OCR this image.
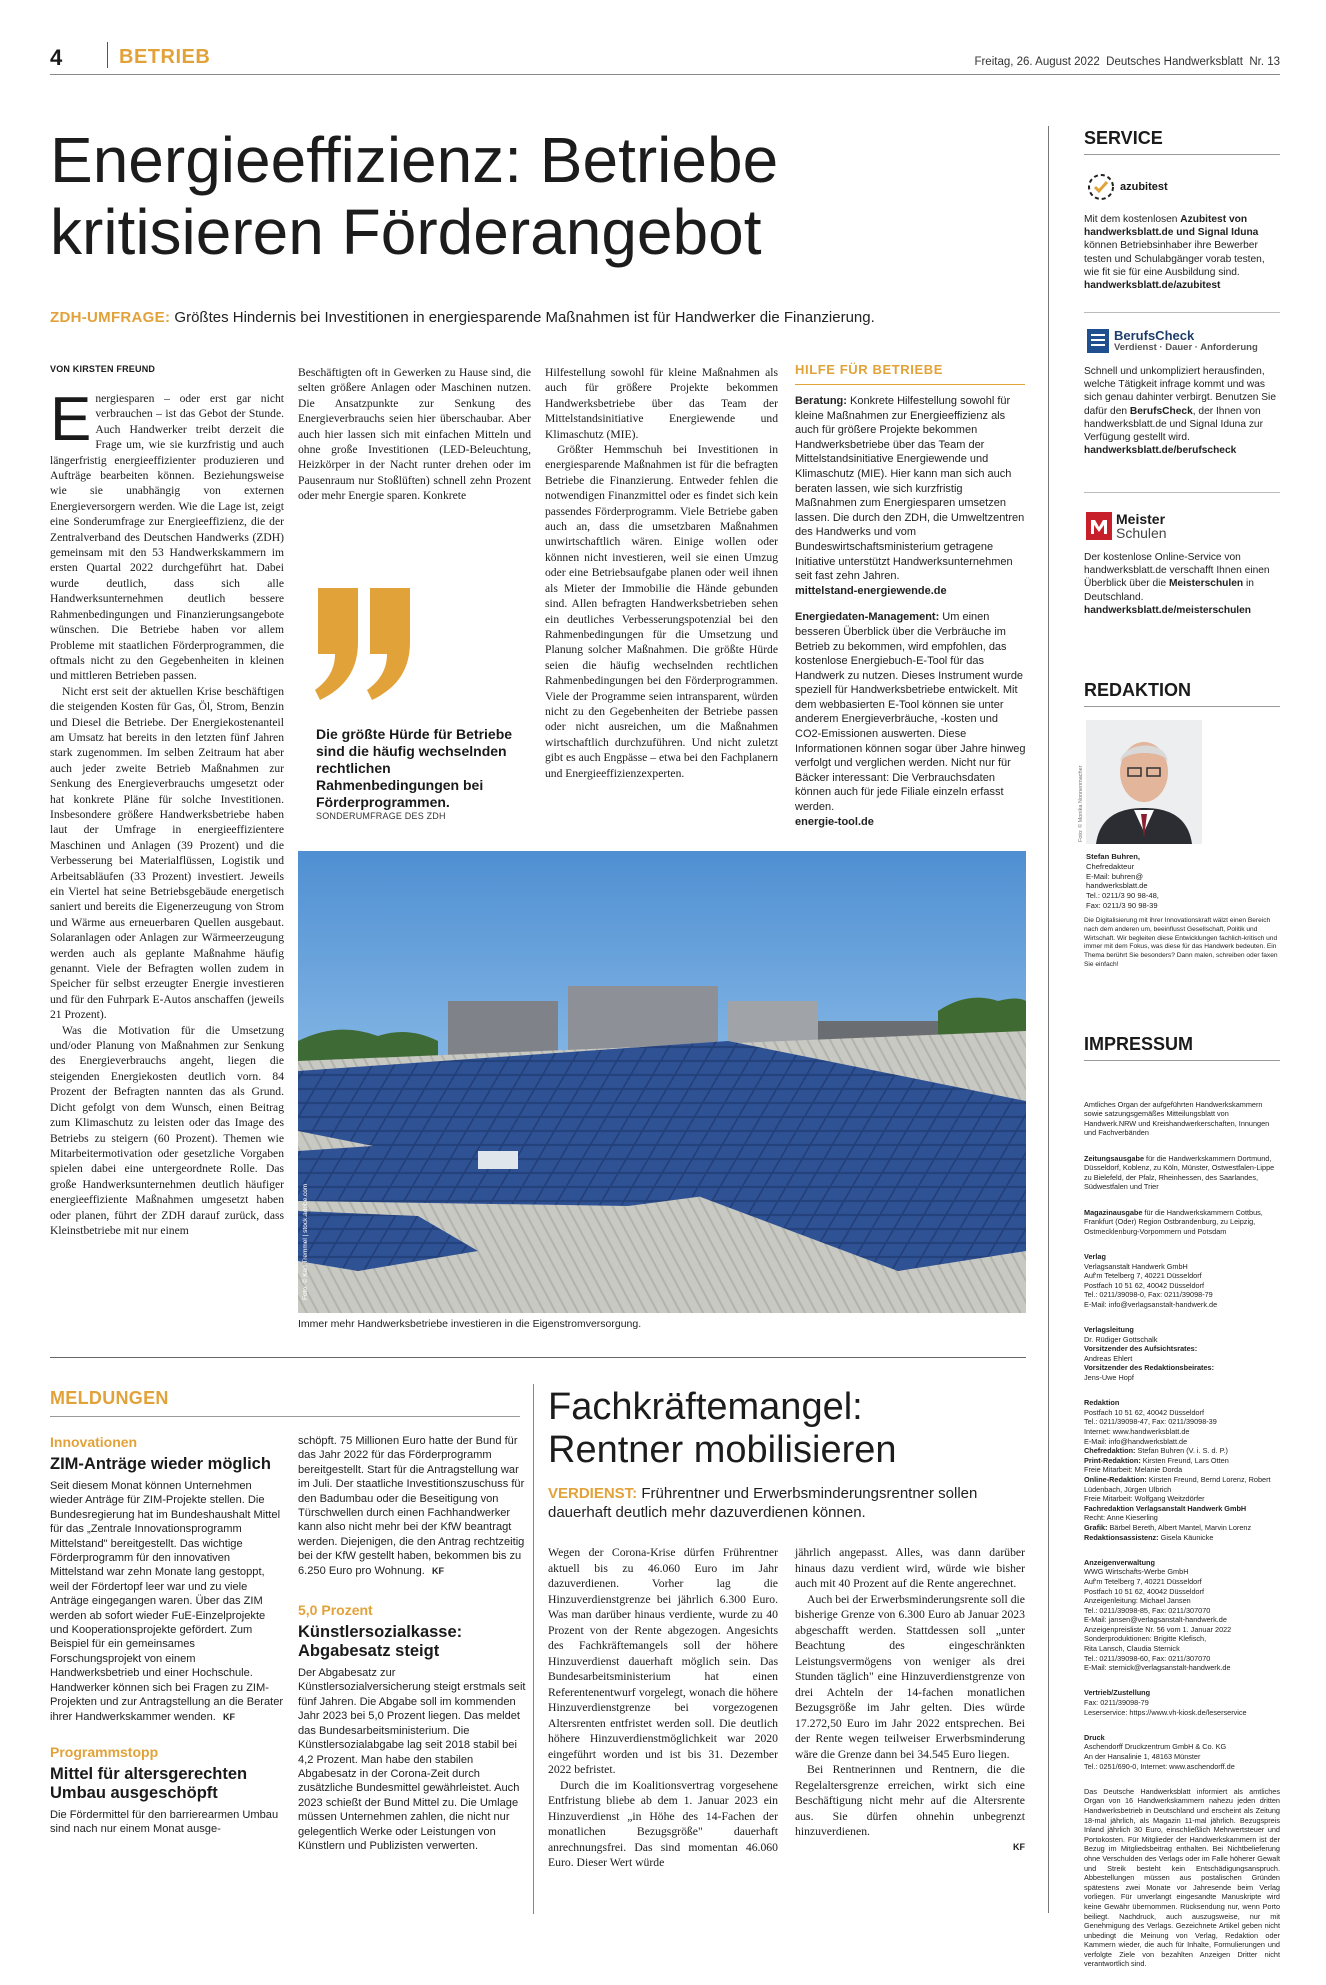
4	BETRIEB	Freitag, 26. August 2022  Deutsches Handwerksblatt  Nr. 13
Energieeffizienz: Betriebe
kritisieren Förderangebot
ZDH-UMFRAGE: Größtes Hindernis bei Investitionen in energiesparende Maßnahmen ist für Handwerker die Finanzierung.
VON KIRSTEN FREUND

Energiesparen – oder erst gar nicht verbrauchen – ist das Gebot der Stunde. Auch Handwerker treibt derzeit die Frage um, wie sie kurzfristig und auch längerfristig energieeffizienter produzieren und Aufträge bearbeiten können. Beziehungsweise wie sie unabhängig von externen Energieversorgern werden. Wie die Lage ist, zeigt eine Sonderumfrage zur Energieeffizienz, die der Zentralverband des Deutschen Handwerks (ZDH) gemeinsam mit den 53 Handwerkskammern im ersten Quartal 2022 durchgeführt hat. Dabei wurde deutlich, dass sich alle Handwerksunternehmen deutlich bessere Rahmenbedingungen und Finanzierungsangebote wünschen. Die Betriebe haben vor allem Probleme mit staatlichen Förderprogrammen, die oftmals nicht zu den Gegebenheiten in kleinen und mittleren Betrieben passen.

Nicht erst seit der aktuellen Krise beschäftigen die steigenden Kosten für Gas, Öl, Strom, Benzin und Diesel die Betriebe. Der Energiekostenanteil am Umsatz hat bereits in den letzten fünf Jahren stark zugenommen. Im selben Zeitraum hat aber auch jeder zweite Betrieb Maßnahmen zur Senkung des Energieverbrauchs umgesetzt oder hat konkrete Pläne für solche Investitionen. Insbesondere größere Handwerksbetriebe haben laut der Umfrage in energieeffizientere Maschinen und Anlagen (39 Prozent) und die Verbesserung bei Materialflüssen, Logistik und Arbeitsabläufen (33 Prozent) investiert. Jeweils ein Viertel hat seine Betriebsgebäude energetisch saniert und bereits die Eigenerzeugung von Strom und Wärme aus erneuerbaren Quellen ausgebaut. Solaranlagen oder Anlagen zur Wärmeerzeugung werden auch als geplante Maßnahme häufig genannt. Viele der Befragten wollen zudem in Speicher für selbst erzeugter Energie investieren und für den Fuhrpark E-Autos anschaffen (jeweils 21 Prozent).

Was die Motivation für die Umsetzung und/oder Planung von Maßnahmen zur Senkung des Energieverbrauchs angeht, liegen die steigenden Energiekosten deutlich vorn. 84 Prozent der Befragten nannten das als Grund. Dicht gefolgt von dem Wunsch, einen Beitrag zum Klimaschutz zu leisten oder das Image des Betriebs zu steigern (60 Prozent). Themen wie Mitarbeitermotivation oder gesetzliche Vorgaben spielen dabei eine untergeordnete Rolle. Das große Handwerksunternehmen deutlich häufiger energieeffiziente Maßnahmen umgesetzt haben oder planen, führt der ZDH darauf zurück, dass Kleinstbetriebe mit nur einem

Beschäftigten oft in Gewerken zu Hause sind, die selten größere Anlagen oder Maschinen nutzen. Die Ansatzpunkte zur Senkung des Energieverbrauchs seien hier überschaubar. Aber auch hier lassen sich mit einfachen Mitteln und ohne große Investitionen (LED-Beleuchtung, Heizkörper in der Nacht runter drehen oder im Pausenraum nur Stoßlüften) schnell zehn Prozent oder mehr Energie sparen. Konkrete

Die größte Hürde für Betriebe sind die häufig wechselnden rechtlichen Rahmenbedingungen bei Förderprogrammen.
SONDERUMFRAGE DES ZDH

Hilfestellung sowohl für kleine Maßnahmen als auch für größere Projekte bekommen Handwerksbetriebe über das Team der Mittelstandsinitiative Energiewende und Klimaschutz (MIE).

Größter Hemmschuh bei Investitionen in energiesparende Maßnahmen ist für die befragten Betriebe die Finanzierung. Entweder fehlen die notwendigen Finanzmittel oder es findet sich kein passendes Förderprogramm. Viele Betriebe gaben auch an, dass die umsetzbaren Maßnahmen unwirtschaftlich wären. Einige wollen oder können nicht investieren, weil sie einen Umzug oder eine Betriebsaufgabe planen oder weil ihnen als Mieter der Immobilie die Hände gebunden sind. Allen befragten Handwerksbetrieben sehen ein deutliches Verbesserungspotenzial bei den Rahmenbedingungen für die Umsetzung und Planung solcher Maßnahmen. Die größte Hürde seien die häufig wechselnden rechtlichen Rahmenbedingungen bei den Förderprogrammen. Viele der Programme seien intransparent, würden nicht zu den Gegebenheiten der Betriebe passen oder nicht ausreichen, um die Maßnahmen wirtschaftlich durchzuführen. Und nicht zuletzt gibt es auch Engpässe – etwa bei den Fachplanern und Energieeffizienzexperten.

HILFE FÜR BETRIEBE

Beratung: Konkrete Hilfestellung sowohl für kleine Maßnahmen zur Energieeffizienz als auch für größere Projekte bekommen Handwerksbetriebe über das Team der Mittelstandsinitiative Energiewende und Klimaschutz (MIE). Hier kann man sich auch beraten lassen, wie sich kurzfristig Maßnahmen zum Energiesparen umsetzen lassen. Die durch den ZDH, die Umweltzentren des Handwerks und vom Bundeswirtschaftsministerium getragene Initiative unterstützt Handwerksunternehmen seit fast zehn Jahren.

mittelstand-energiewende.de

Energiedaten-Management: Um einen besseren Überblick über die Verbräuche im Betrieb zu bekommen, wird empfohlen, das kostenlose Energiebuch-E-Tool für das Handwerk zu nutzen. Dieses Instrument wurde speziell für Handwerksbetriebe entwickelt. Mit dem webbasierten E-Tool können sie unter anderem Energieverbräuche, -kosten und CO2-Emissionen auswerten. Diese Informationen können sogar über Jahre hinweg verfolgt und verglichen werden. Nicht nur für Bäcker interessant: Die Verbrauchsdaten können auch für jede Filiale einzeln erfasst werden.

energie-tool.de

Foto: © Karl Tremmel | stock.adobe.com
Immer mehr Handwerksbetriebe investieren in die Eigenstromversorgung.
SERVICE
azubitest
Mit dem kostenlosen Azubitest von handwerksblatt.de und Signal Iduna können Betriebsinhaber ihre Bewerber testen und Schulabgänger vorab testen, wie fit sie für eine Ausbildung sind.
handwerksblatt.de/azubitest
BerufsCheck
Verdienst · Dauer · Anforderung
Schnell und unkompliziert herausfinden, welche Tätigkeit infrage kommt und was sich genau dahinter verbirgt. Benutzen Sie dafür den BerufsCheck, der Ihnen von handwerksblatt.de und Signal Iduna zur Verfügung gestellt wird.
handwerksblatt.de/berufscheck
Meister
Schulen
Der kostenlose Online-Service von handwerksblatt.de verschafft Ihnen einen Überblick über die Meisterschulen in Deutschland.
handwerksblatt.de/meisterschulen
REDAKTION
Foto: © Monika Nonnenmacher
Stefan Buhren,
Chefredakteur
E-Mail: buhren@ handwerksblatt.de
Tel.: 0211/3 90 98-48,
Fax: 0211/3 90 98-39
Die Digitalisierung mit ihrer Innovationskraft wälzt einen Bereich nach dem anderen um, beeinflusst Gesellschaft, Politik und Wirtschaft. Wir begleiten diese Entwicklungen fachlich-kritisch und immer mit dem Fokus, was diese für das Handwerk bedeuten. Ein Thema berührt Sie besonders? Dann malen, schreiben oder faxen Sie einfach!
IMPRESSUM

Amtliches Organ der aufgeführten Handwerkskammern sowie satzungsgemäßes Mitteilungsblatt von Handwerk.NRW und Kreishandwerkerschaften, Innungen und Fachverbänden

Zeitungsausgabe für die Handwerkskammern Dortmund, Düsseldorf, Koblenz, zu Köln, Münster, Ostwestfalen-Lippe zu Bielefeld, der Pfalz, Rheinhessen, des Saarlandes, Südwestfalen und Trier

Magazinausgabe für die Handwerkskammern Cottbus, Frankfurt (Oder) Region Ostbrandenburg, zu Leipzig, Ostmecklenburg-Vorpommern und Potsdam

Verlag
Verlagsanstalt Handwerk GmbH
Auf'm Tetelberg 7, 40221 Düsseldorf
Postfach 10 51 62, 40042 Düsseldorf
Tel.: 0211/39098-0, Fax: 0211/39098-79
E-Mail: info@verlagsanstalt-handwerk.de

Verlagsleitung
Dr. Rüdiger Gottschalk
Vorsitzender des Aufsichtsrates:
Andreas Ehlert
Vorsitzender des Redaktionsbeirates:
Jens-Uwe Hopf

Redaktion
Postfach 10 51 62, 40042 Düsseldorf
Tel.: 0211/39098-47, Fax: 0211/39098-39
Internet: www.handwerksblatt.de
E-Mail: info@handwerksblatt.de
Chefredaktion: Stefan Buhren (V. i. S. d. P.)
Print-Redaktion: Kirsten Freund, Lars Otten
Freie Mitarbeit: Melanie Dorda
Online-Redaktion: Kirsten Freund, Bernd Lorenz, Robert Lüdenbach, Jürgen Ulbrich
Freie Mitarbeit: Wolfgang Weitzdörfer
Fachredaktion Verlagsanstalt Handwerk GmbH
Recht: Anne Kieserling
Grafik: Bärbel Bereth, Albert Mantel, Marvin Lorenz
Redaktionsassistenz: Gisela Käunicke

Anzeigenverwaltung
WWG Wirtschafts-Werbe GmbH
Auf'm Tetelberg 7, 40221 Düsseldorf
Postfach 10 51 62, 40042 Düsseldorf
Anzeigenleitung: Michael Jansen
Tel.: 0211/39098-85, Fax: 0211/307070
E-Mail: jansen@verlagsanstalt-handwerk.de
Anzeigenpreisliste Nr. 56 vom 1. Januar 2022
Sonderproduktionen: Brigitte Klefisch,
Rita Lansch, Claudia Sternick
Tel.: 0211/39098-60, Fax: 0211/307070
E-Mail: sternick@verlagsanstalt-handwerk.de

Vertrieb/Zustellung
Fax: 0211/39098-79
Leserservice: https://www.vh-kiosk.de/leserservice

Druck
Aschendorff Druckzentrum GmbH & Co. KG
An der Hansalinie 1, 48163 Münster
Tel.: 0251/690-0, Internet: www.aschendorff.de

Das Deutsche Handwerksblatt informiert als amtliches Organ von 16 Handwerkskammern nahezu jeden dritten Handwerksbetrieb in Deutschland und erscheint als Zeitung 18-mal jährlich, als Magazin 11-mal jährlich. Bezugspreis Inland jährlich 30 Euro, einschließlich Mehrwertsteuer und Portokosten. Für Mitglieder der Handwerkskammern ist der Bezug im Mitgliedsbeitrag enthalten. Bei Nichtbelieferung ohne Verschulden des Verlags oder im Falle höherer Gewalt und Streik besteht kein Entschädigungsanspruch. Abbestellungen müssen aus postalischen Gründen spätestens zwei Monate vor Jahresende beim Verlag vorliegen. Für unverlangt eingesandte Manuskripte wird keine Gewähr übernommen. Rücksendung nur, wenn Porto beiliegt. Nachdruck, auch auszugsweise, nur mit Genehmigung des Verlags. Gezeichnete Artikel geben nicht unbedingt die Meinung von Verlag, Redaktion oder Kammern wieder, die auch für Inhalte, Formulierungen und verfolgte Ziele von bezahlten Anzeigen Dritter nicht verantwortlich sind.

MELDUNGEN
Innovationen
ZIM-Anträge wieder möglich
Seit diesem Monat können Unternehmen wieder Anträge für ZIM-Projekte stellen. Die Bundesregierung hat im Bundeshaushalt Mittel für das „Zentrale Innovationsprogramm Mittelstand" bereitgestellt. Das wichtige Förderprogramm für den innovativen Mittelstand war zehn Monate lang gestoppt, weil der Fördertopf leer war und zu viele Anträge eingegangen waren. Über das ZIM werden ab sofort wieder FuE-Einzelprojekte und Kooperationsprojekte gefördert. Zum Beispiel für ein gemeinsames Forschungsprojekt von einem Handwerksbetrieb und einer Hochschule. Handwerker können sich bei Fragen zu ZIM-Projekten und zur Antragstellung an die Berater ihrer Handwerkskammer wenden. KF
Programmstopp
Mittel für altersgerechten Umbau ausgeschöpft
Die Fördermittel für den barrierearmen Umbau sind nach nur einem Monat ausge-
schöpft. 75 Millionen Euro hatte der Bund für das Jahr 2022 für das Förderprogramm bereitgestellt. Start für die Antragstellung war im Juli. Der staatliche Investitionszuschuss für den Badumbau oder die Beseitigung von Türschwellen durch einen Fachhandwerker kann also nicht mehr bei der KfW beantragt werden. Diejenigen, die den Antrag rechtzeitig bei der KfW gestellt haben, bekommen bis zu 6.250 Euro pro Wohnung. KF
5,0 Prozent
Künstlersozialkasse: Abgabesatz steigt
Der Abgabesatz zur Künstlersozialversicherung steigt erstmals seit fünf Jahren. Die Abgabe soll im kommenden Jahr 2023 bei 5,0 Prozent liegen. Das meldet das Bundesarbeitsministerium. Die Künstlersozialabgabe lag seit 2018 stabil bei 4,2 Prozent. Man habe den stabilen Abgabesatz in der Corona-Zeit durch zusätzliche Bundesmittel gewährleistet. Auch 2023 schießt der Bund Mittel zu. Die Umlage müssen Unternehmen zahlen, die nicht nur gelegentlich Werke oder Leistungen von Künstlern und Publizisten verwerten.
Fachkräftemangel:
Rentner mobilisieren
VERDIENST: Frührentner und Erwerbsminderungsrentner sollen dauerhaft deutlich mehr dazuverdienen können.

Wegen der Corona-Krise dürfen Frührentner aktuell bis zu 46.060 Euro im Jahr dazuverdienen. Vorher lag die Hinzuverdienstgrenze bei jährlich 6.300 Euro. Was man darüber hinaus verdiente, wurde zu 40 Prozent von der Rente abgezogen. Angesichts des Fachkräftemangels soll der höhere Hinzuverdienst dauerhaft möglich sein. Das Bundesarbeitsministerium hat einen Referentenentwurf vorgelegt, wonach die höhere Hinzuverdienstgrenze bei vorgezogenen Altersrenten entfristet werden soll. Die deutlich höhere Hinzuverdienstmöglichkeit war 2020 eingeführt worden und ist bis 31. Dezember 2022 befristet.

Durch die im Koalitionsvertrag vorgesehene Entfristung bliebe ab dem 1. Januar 2023 ein Hinzuverdienst „in Höhe des 14-Fachen der monatlichen Bezugsgröße" dauerhaft anrechnungsfrei. Das sind momentan 46.060 Euro. Dieser Wert würde

jährlich angepasst. Alles, was dann darüber hinaus dazu verdient wird, würde wie bisher auch mit 40 Prozent auf die Rente angerechnet.

Auch bei der Erwerbsminderungsrente soll die bisherige Grenze von 6.300 Euro ab Januar 2023 abgeschafft werden. Stattdessen soll „unter Beachtung des eingeschränkten Leistungsvermögens von weniger als drei Stunden täglich" eine Hinzuverdienstgrenze von drei Achteln der 14-fachen monatlichen Bezugsgröße im Jahr gelten. Dies würde 17.272,50 Euro im Jahr 2022 entsprechen. Bei der Rente wegen teilweiser Erwerbsminderung wäre die Grenze dann bei 34.545 Euro liegen.

Bei Rentnerinnen und Rentnern, die die Regelaltersgrenze erreichen, wirkt sich eine Beschäftigung nicht mehr auf die Altersrente aus. Sie dürfen ohnehin unbegrenzt hinzuverdienen.

KF
